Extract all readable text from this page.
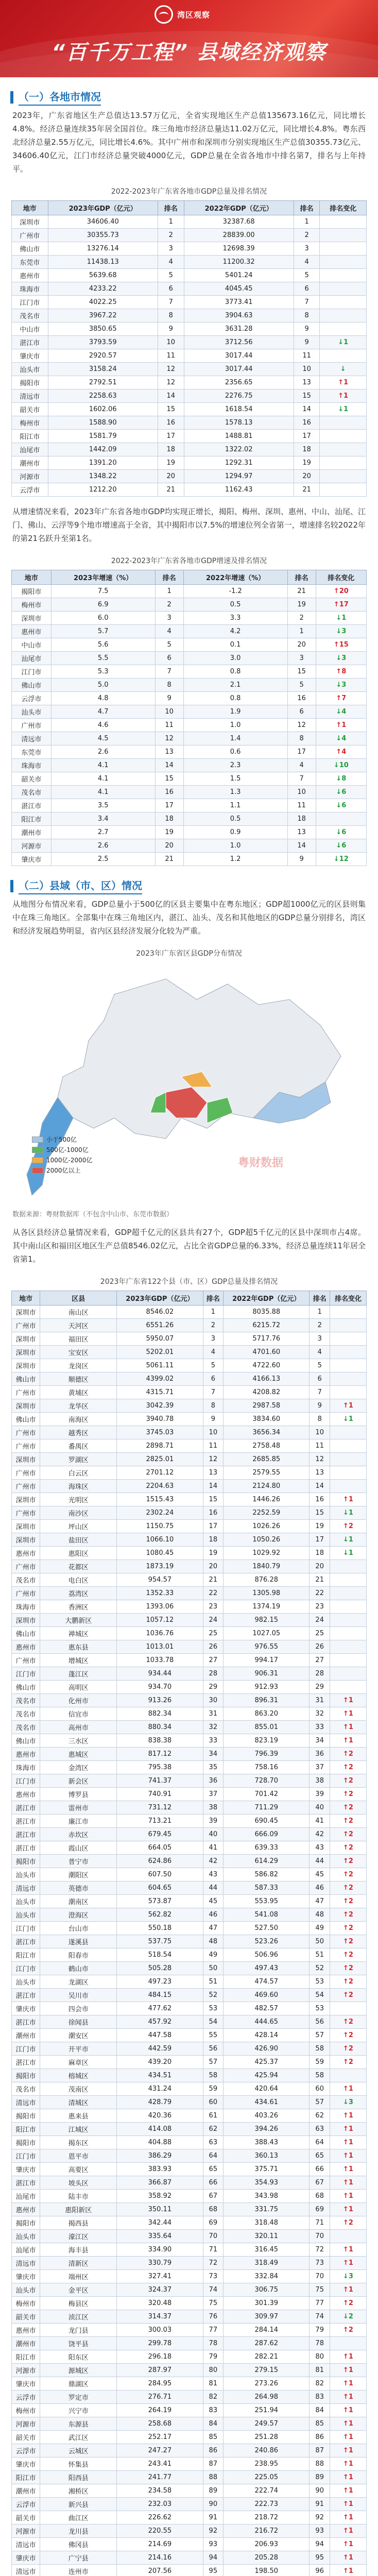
湾区观察
“百千万工程” 县域经济观察
（一）各地市情况

2023年，广东省地区生产总值达13.57万亿元，全省实现地区生产总值135673.16亿元，同比增长4.8%。经济总量连续35年居全国首位。珠三角地市经济总量达11.02万亿元，同比增长4.8%。粤东西北经济总量2.55万亿元，同比增长4.6%。其中广州市和深圳市分别实现地区生产总值30355.73亿元、34606.40亿元，江门市经济总量突破4000亿元，GDP总量在全省各地市中排名第7，排名与上年持平。

2022-2023年广东省各地市GDP总量及排名情况
地市	2023年GDP（亿元）	排名	2022年GDP（亿元）	排名	排名变化
深圳市	34606.40	1	32387.68	1	
广州市	30355.73	2	28839.00	2	
佛山市	13276.14	3	12698.39	3	
东莞市	11438.13	4	11200.32	4	
惠州市	5639.68	5	5401.24	5	
珠海市	4233.22	6	4045.45	6	
江门市	4022.25	7	3773.41	7	
茂名市	3967.22	8	3904.63	8	
中山市	3850.65	9	3631.28	9	
湛江市	3793.59	10	3712.56	9	↓1
肇庆市	2920.57	11	3017.44	11	
汕头市	3158.24	12	3017.44	10	↓
揭阳市	2792.51	12	2356.65	13	↑1
清远市	2258.63	14	2276.75	15	↑1
韶关市	1602.06	15	1618.54	14	↓1
梅州市	1588.90	16	1578.13	16	
阳江市	1581.79	17	1488.81	17	
汕尾市	1442.09	18	1322.02	18	
潮州市	1391.20	19	1292.31	19	
河源市	1348.22	20	1294.97	20	
云浮市	1212.20	21	1162.43	21	

从增速情况来看，2023年广东省各地市GDP均实现正增长，揭阳、梅州、深圳、惠州、中山、汕尾、江门、佛山、云浮等9个地市增速高于全省，其中揭阳市以7.5%的增速位列全省第一，增速排名较2022年的第21名跃升至第1名。

2022-2023年广东省各地市GDP增速及排名情况
地市	2023年增速（%）	排名	2022年增速（%）	排名	排名变化
揭阳市	7.5	1	-1.2	21	↑20
梅州市	6.9	2	0.5	19	↑17
深圳市	6.0	3	3.3	2	↓1
惠州市	5.7	4	4.2	1	↓3
中山市	5.6	5	0.1	20	↑15
汕尾市	5.5	6	3.0	3	↓3
江门市	5.3	7	0.8	15	↑8
佛山市	5.0	8	2.1	5	↓3
云浮市	4.8	9	0.8	16	↑7
汕头市	4.7	10	1.9	6	↓4
广州市	4.6	11	1.0	12	↑1
清远市	4.5	12	1.4	8	↓4
东莞市	2.6	13	0.6	17	↑4
珠海市	4.1	14	2.3	4	↓10
韶关市	4.1	15	1.5	7	↓8
茂名市	4.1	16	1.3	10	↓6
湛江市	3.5	17	1.1	11	↓6
阳江市	3.4	18	0.5	18	
潮州市	2.7	19	0.9	13	↓6
河源市	2.6	20	1.0	14	↓6
肇庆市	2.5	21	1.2	9	↓12
（二）县域（市、区）情况

从地图分布情况来看，GDP总量小于500亿的区县主要集中在粤东地区；GDP超1000亿元的区县则集中在珠三角地区。全部集中在珠三角地区内，湛江、汕头、茂名和其他地区的GDP总量分别排名，湾区和经济发展趋势明显，省内区县经济发展分化较为严重。

2023年广东省区县GDP分布情况
小于500亿
500亿-1000亿
1000亿-2000亿
2000亿以上
粤财数据
数据来源：粤财数据库（不包含中山市、东莞市数据）

从各区县经济总量情况来看，GDP超千亿元的区县共有27个，GDP超5千亿元的区县中深圳市占4席。其中南山区和福田区地区生产总值8546.02亿元，占比全省GDP总量的6.33%，经济总量连续11年居全省第1。

2023年广东省122个县（市、区）GDP总量及排名情况
地市	区县	2023年GDP（亿元）	排名	2022年GDP（亿元）	排名	排名变化
深圳市	南山区	8546.02	1	8035.88	1	
广州市	天河区	6551.26	2	6215.72	2	
深圳市	福田区	5950.07	3	5717.76	3	
深圳市	宝安区	5202.01	4	4701.60	4	
深圳市	龙岗区	5061.11	5	4722.60	5	
佛山市	顺德区	4399.02	6	4166.13	6	
广州市	黄埔区	4315.71	7	4208.82	7	
深圳市	龙华区	3042.39	8	2987.58	9	↑1
佛山市	南海区	3940.78	9	3834.60	8	↓1
广州市	越秀区	3745.03	10	3656.34	10	
广州市	番禺区	2898.71	11	2758.48	11	
深圳市	罗湖区	2825.01	12	2685.85	12	
广州市	白云区	2701.12	13	2579.55	13	
广州市	海珠区	2204.63	14	2124.80	14	
深圳市	光明区	1515.43	15	1446.26	16	↑1
广州市	南沙区	2302.24	16	2252.59	15	↓1
深圳市	坪山区	1150.75	17	1026.26	19	↑2
深圳市	盐田区	1066.10	18	1050.26	17	↓1
惠州市	惠阳区	1080.45	19	1029.92	18	↓1
广州市	花都区	1873.19	20	1840.79	20	
茂名市	电白区	954.57	21	876.28	21	
广州市	荔湾区	1352.33	22	1305.98	22	
珠海市	香洲区	1393.06	23	1374.19	23	
深圳市	大鹏新区	1057.12	24	982.15	24	
佛山市	禅城区	1036.76	25	1027.05	25	
惠州市	惠东县	1013.01	26	976.55	26	
广州市	增城区	1033.78	27	994.17	27	
江门市	蓬江区	934.44	28	906.31	28	
佛山市	高明区	934.70	29	912.93	29	
茂名市	化州市	913.26	30	896.31	31	↑1
茂名市	信宜市	882.34	31	863.20	32	↑1
茂名市	高州市	880.34	32	855.01	33	↑1
佛山市	三水区	838.38	33	823.19	34	↑1
惠州市	惠城区	817.12	34	796.39	36	↑2
珠海市	金湾区	795.38	35	758.16	37	↑2
江门市	新会区	741.37	36	728.70	38	↑2
惠州市	博罗县	740.91	37	701.42	39	↑2
湛江市	雷州市	731.12	38	711.29	40	↑2
湛江市	廉江市	713.21	39	690.45	41	↑2
湛江市	赤坎区	679.45	40	666.09	42	↑2
湛江市	霞山区	664.05	41	639.33	43	↑2
揭阳市	普宁市	624.86	42	614.29	44	↑2
汕头市	潮阳区	607.50	43	586.82	45	↑2
清远市	英德市	604.65	44	587.33	46	↑2
汕头市	潮南区	573.87	45	553.95	47	↑2
汕头市	澄海区	562.82	46	541.08	48	↑2
江门市	台山市	550.18	47	527.50	49	↑2
湛江市	遂溪县	537.75	48	523.26	50	↑2
阳江市	阳春市	518.54	49	506.96	51	↑2
江门市	鹤山市	505.28	50	497.43	52	↑2
汕头市	龙湖区	497.23	51	474.57	53	↑2
湛江市	吴川市	484.15	52	469.60	54	↑2
肇庆市	四会市	477.62	53	482.57	53	
湛江市	徐闻县	457.92	54	444.65	56	↑2
潮州市	潮安区	447.58	55	428.14	57	↑2
江门市	开平市	442.59	56	426.90	58	↑2
湛江市	麻章区	439.20	57	425.37	59	↑2
揭阳市	榕城区	434.51	58	425.94	58	
茂名市	茂南区	431.24	59	420.64	60	↑1
清远市	清城区	428.79	60	434.61	57	↓3
揭阳市	惠来县	420.36	61	403.26	62	↑1
阳江市	江城区	414.08	62	394.26	63	↑1
揭阳市	揭东区	404.88	63	388.43	64	↑1
江门市	恩平市	386.29	64	360.13	65	↑1
肇庆市	高要区	383.93	65	375.71	66	↑1
湛江市	坡头区	366.87	66	354.93	67	↑1
汕尾市	陆丰市	358.92	67	343.98	68	↑1
惠州市	惠阳新区	350.11	68	331.75	69	↑1
揭阳市	揭西县	342.44	69	318.48	71	↑2
汕头市	濠江区	335.64	70	320.11	70	
汕尾市	海丰县	334.90	71	316.45	72	↑1
清远市	清新区	330.79	72	318.49	73	↑1
肇庆市	端州区	327.41	73	332.84	70	↓3
汕头市	金平区	324.37	74	306.75	75	↑1
梅州市	梅县区	320.48	75	301.39	77	↑2
韶关市	浈江区	314.37	76	309.97	74	↓2
惠州市	龙门县	300.03	77	284.14	79	↑2
潮州市	饶平县	299.78	78	287.62	78	
阳江市	阳东区	296.18	79	282.21	80	↑1
河源市	源城区	287.97	80	279.15	81	↑1
肇庆市	鼎湖区	284.95	81	273.26	82	↑1
云浮市	罗定市	276.71	82	264.98	83	↑1
梅州市	兴宁市	264.19	83	251.94	84	↑1
河源市	东源县	258.68	84	249.57	85	↑1
韶关市	武江区	252.17	85	251.28	86	↑1
云浮市	云城区	247.27	86	240.86	87	↑1
肇庆市	怀集县	243.41	87	238.95	88	↑1
阳江市	阳西县	241.77	88	225.05	89	↑1
潮州市	湘桥区	234.58	89	222.74	90	↑1
云浮市	新兴县	232.03	90	222.73	91	↑1
韶关市	曲江区	226.62	91	218.72	92	↑1
河源市	龙川县	220.55	92	216.72	93	↑1
清远市	佛冈县	214.69	93	206.93	94	↑1
肇庆市	广宁县	214.16	94	205.28	95	↑1
清远市	连州市	207.56	95	198.50	96	↑1
